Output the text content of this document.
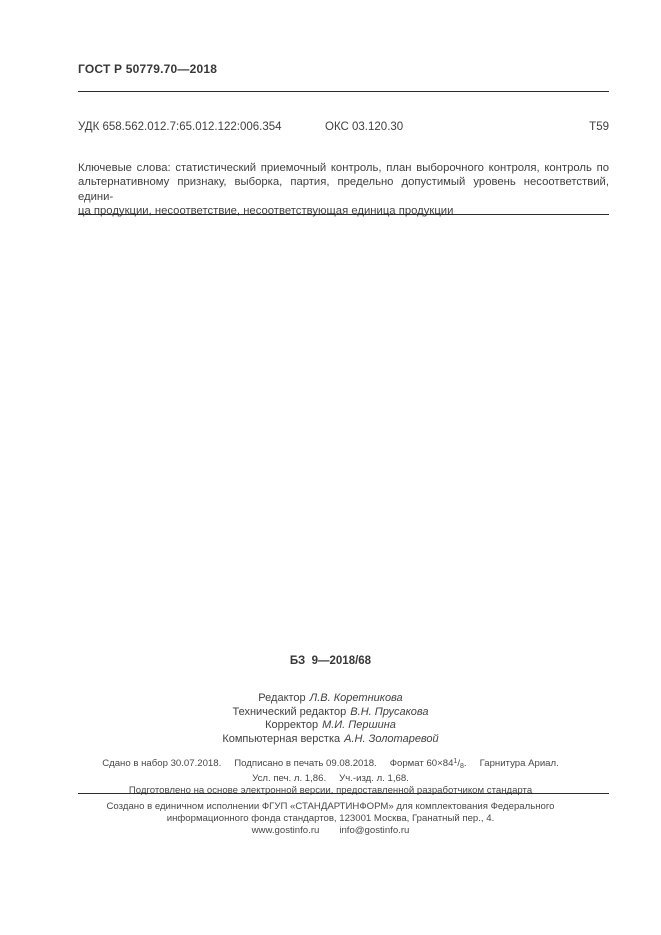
ГОСТ Р 50779.70—2018
УДК 658.562.012.7:65.012.122:006.354	ОКС 03.120.30	Т59
Ключевые слова: статистический приемочный контроль, план выборочного контроля, контроль по
альтернативному признаку, выборка, партия, предельно допустимый уровень несоответствий, едини-
ца продукции, несоответствие, несоответствующая единица продукции
БЗ  9—2018/68
Редактор Л.В. Коретникова
Технический редактор В.Н. Прусакова
Корректор М.И. Першина
Компьютерная верстка А.Н. Золотаревой
Сдано в набор 30.07.2018. Подписано в печать 09.08.2018. Формат $60\times 84^1/_8$. Гарнитура Ариал.
Усл. печ. л. 1,86. Уч.-изд. л. 1,68.
Подготовлено на основе электронной версии, предоставленной разработчиком стандарта
Создано в единичном исполнении ФГУП «СТАНДАРТИНФОРМ» для комплектования Федерального
информационного фонда стандартов, 123001 Москва, Гранатный пер., 4.
www.gostinfo.ru info@gostinfo.ru
